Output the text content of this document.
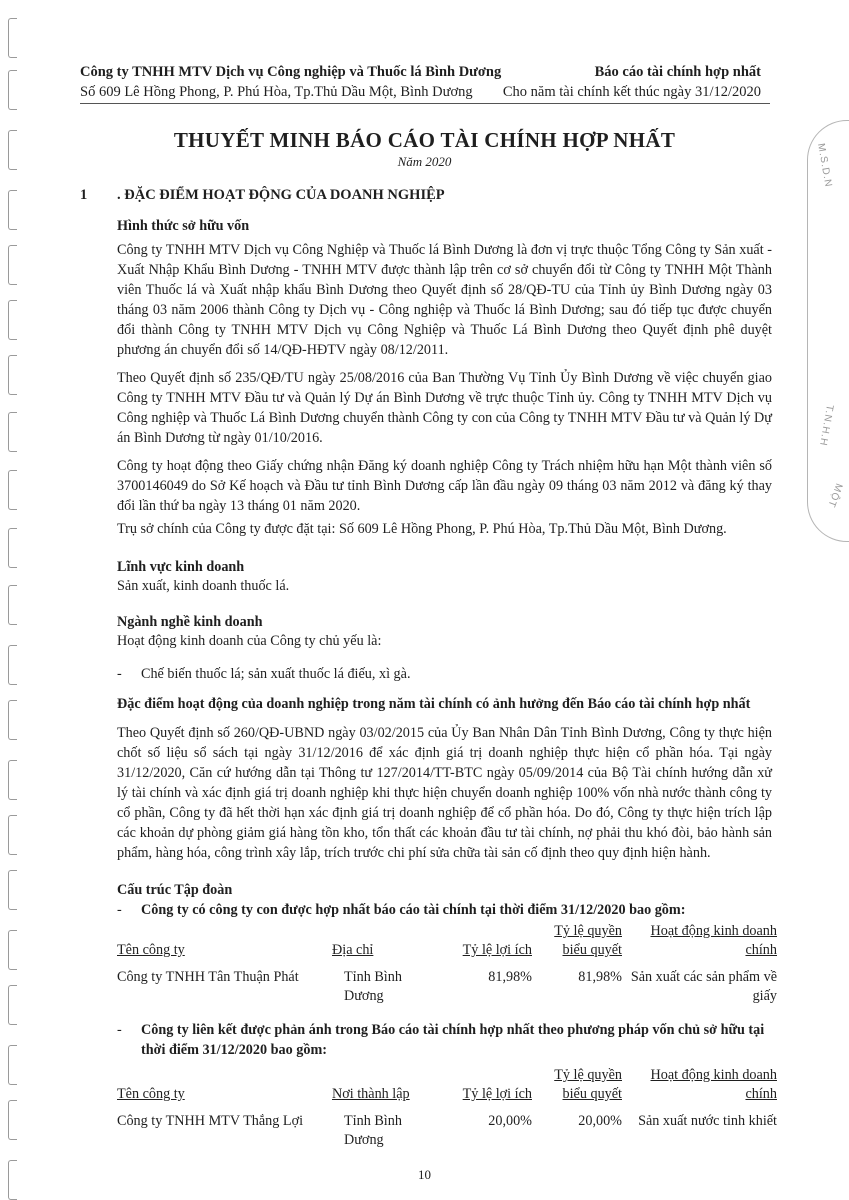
M.S.D.N
T.N.H.H
MỘT
Công ty TNHH MTV Dịch vụ Công nghiệp và Thuốc lá Bình Dương
Số 609 Lê Hồng Phong, P. Phú Hòa, Tp.Thủ Dầu Một, Bình Dương
Báo cáo tài chính hợp nhất
Cho năm tài chính kết thúc ngày 31/12/2020
THUYẾT MINH BÁO CÁO TÀI CHÍNH HỢP NHẤT
Năm 2020
1 . ĐẶC ĐIỂM HOẠT ĐỘNG CỦA DOANH NGHIỆP
Hình thức sở hữu vốn
Công ty TNHH MTV Dịch vụ Công Nghiệp và Thuốc lá Bình Dương là đơn vị trực thuộc Tổng Công ty Sản xuất - Xuất Nhập Khẩu Bình Dương - TNHH MTV được thành lập trên cơ sở chuyển đổi từ Công ty TNHH Một Thành viên Thuốc lá và Xuất nhập khẩu Bình Dương theo Quyết định số 28/QĐ-TU của Tỉnh ủy Bình Dương ngày 03 tháng 03 năm 2006 thành Công ty Dịch vụ - Công nghiệp và Thuốc lá Bình Dương; sau đó tiếp tục được chuyển đổi thành Công ty TNHH MTV Dịch vụ Công Nghiệp và Thuốc Lá Bình Dương theo Quyết định phê duyệt phương án chuyển đổi số 14/QĐ-HĐTV ngày 08/12/2011.
Theo Quyết định số 235/QĐ/TU ngày 25/08/2016 của Ban Thường Vụ Tỉnh Ủy Bình Dương về việc chuyển giao Công ty TNHH MTV Đầu tư và Quản lý Dự án Bình Dương về trực thuộc Tỉnh ủy. Công ty TNHH MTV Dịch vụ Công nghiệp và Thuốc Lá Bình Dương chuyển thành Công ty con của Công ty TNHH MTV Đầu tư và Quản lý Dự án Bình Dương từ ngày 01/10/2016.
Công ty hoạt động theo Giấy chứng nhận Đăng ký doanh nghiệp Công ty Trách nhiệm hữu hạn Một thành viên số 3700146049 do Sở Kế hoạch và Đầu tư tỉnh Bình Dương cấp lần đầu ngày 09 tháng 03 năm 2012 và đăng ký thay đổi lần thứ ba ngày 13 tháng 01 năm 2020.
Trụ sở chính của Công ty được đặt tại: Số 609 Lê Hồng Phong, P. Phú Hòa, Tp.Thủ Dầu Một, Bình Dương.
Lĩnh vực kinh doanh
Sản xuất, kinh doanh thuốc lá.
Ngành nghề kinh doanh
Hoạt động kinh doanh của Công ty chủ yếu là:
- Chế biến thuốc lá; sản xuất thuốc lá điếu, xì gà.
Đặc điểm hoạt động của doanh nghiệp trong năm tài chính có ảnh hưởng đến Báo cáo tài chính hợp nhất
Theo Quyết định số 260/QĐ-UBND ngày 03/02/2015 của Ủy Ban Nhân Dân Tỉnh Bình Dương, Công ty thực hiện chốt số liệu sổ sách tại ngày 31/12/2016 để xác định giá trị doanh nghiệp thực hiện cổ phần hóa. Tại ngày 31/12/2020, Căn cứ hướng dẫn tại Thông tư 127/2014/TT-BTC ngày 05/09/2014 của Bộ Tài chính hướng dẫn xử lý tài chính và xác định giá trị doanh nghiệp khi thực hiện chuyển doanh nghiệp 100% vốn nhà nước thành công ty cổ phần, Công ty đã hết thời hạn xác định giá trị doanh nghiệp để cổ phần hóa. Do đó, Công ty thực hiện trích lập các khoản dự phòng giảm giá hàng tồn kho, tổn thất các khoản đầu tư tài chính, nợ phải thu khó đòi, bảo hành sản phẩm, hàng hóa, công trình xây lắp, trích trước chi phí sửa chữa tài sản cố định theo quy định hiện hành.
Cấu trúc Tập đoàn
- Công ty có công ty con được hợp nhất báo cáo tài chính tại thời điểm 31/12/2020 bao gồm:
Tên công ty	Địa chỉ	Tỷ lệ lợi ích	Tỷ lệ quyền biểu quyết	Hoạt động kinh doanh chính
Công ty TNHH Tân Thuận Phát	Tỉnh Bình Dương	81,98%	81,98%	Sản xuất các sản phẩm về giấy
-	Công ty liên kết được phản ánh trong Báo cáo tài chính hợp nhất theo phương pháp vốn chủ sở hữu tại thời điểm 31/12/2020 bao gồm:
Tên công ty	Nơi thành lập	Tỷ lệ lợi ích	Tỷ lệ quyền biểu quyết	Hoạt động kinh doanh chính
Công ty TNHH MTV Thắng Lợi	Tỉnh Bình Dương	20,00%	20,00%	Sản xuất nước tinh khiết
10
